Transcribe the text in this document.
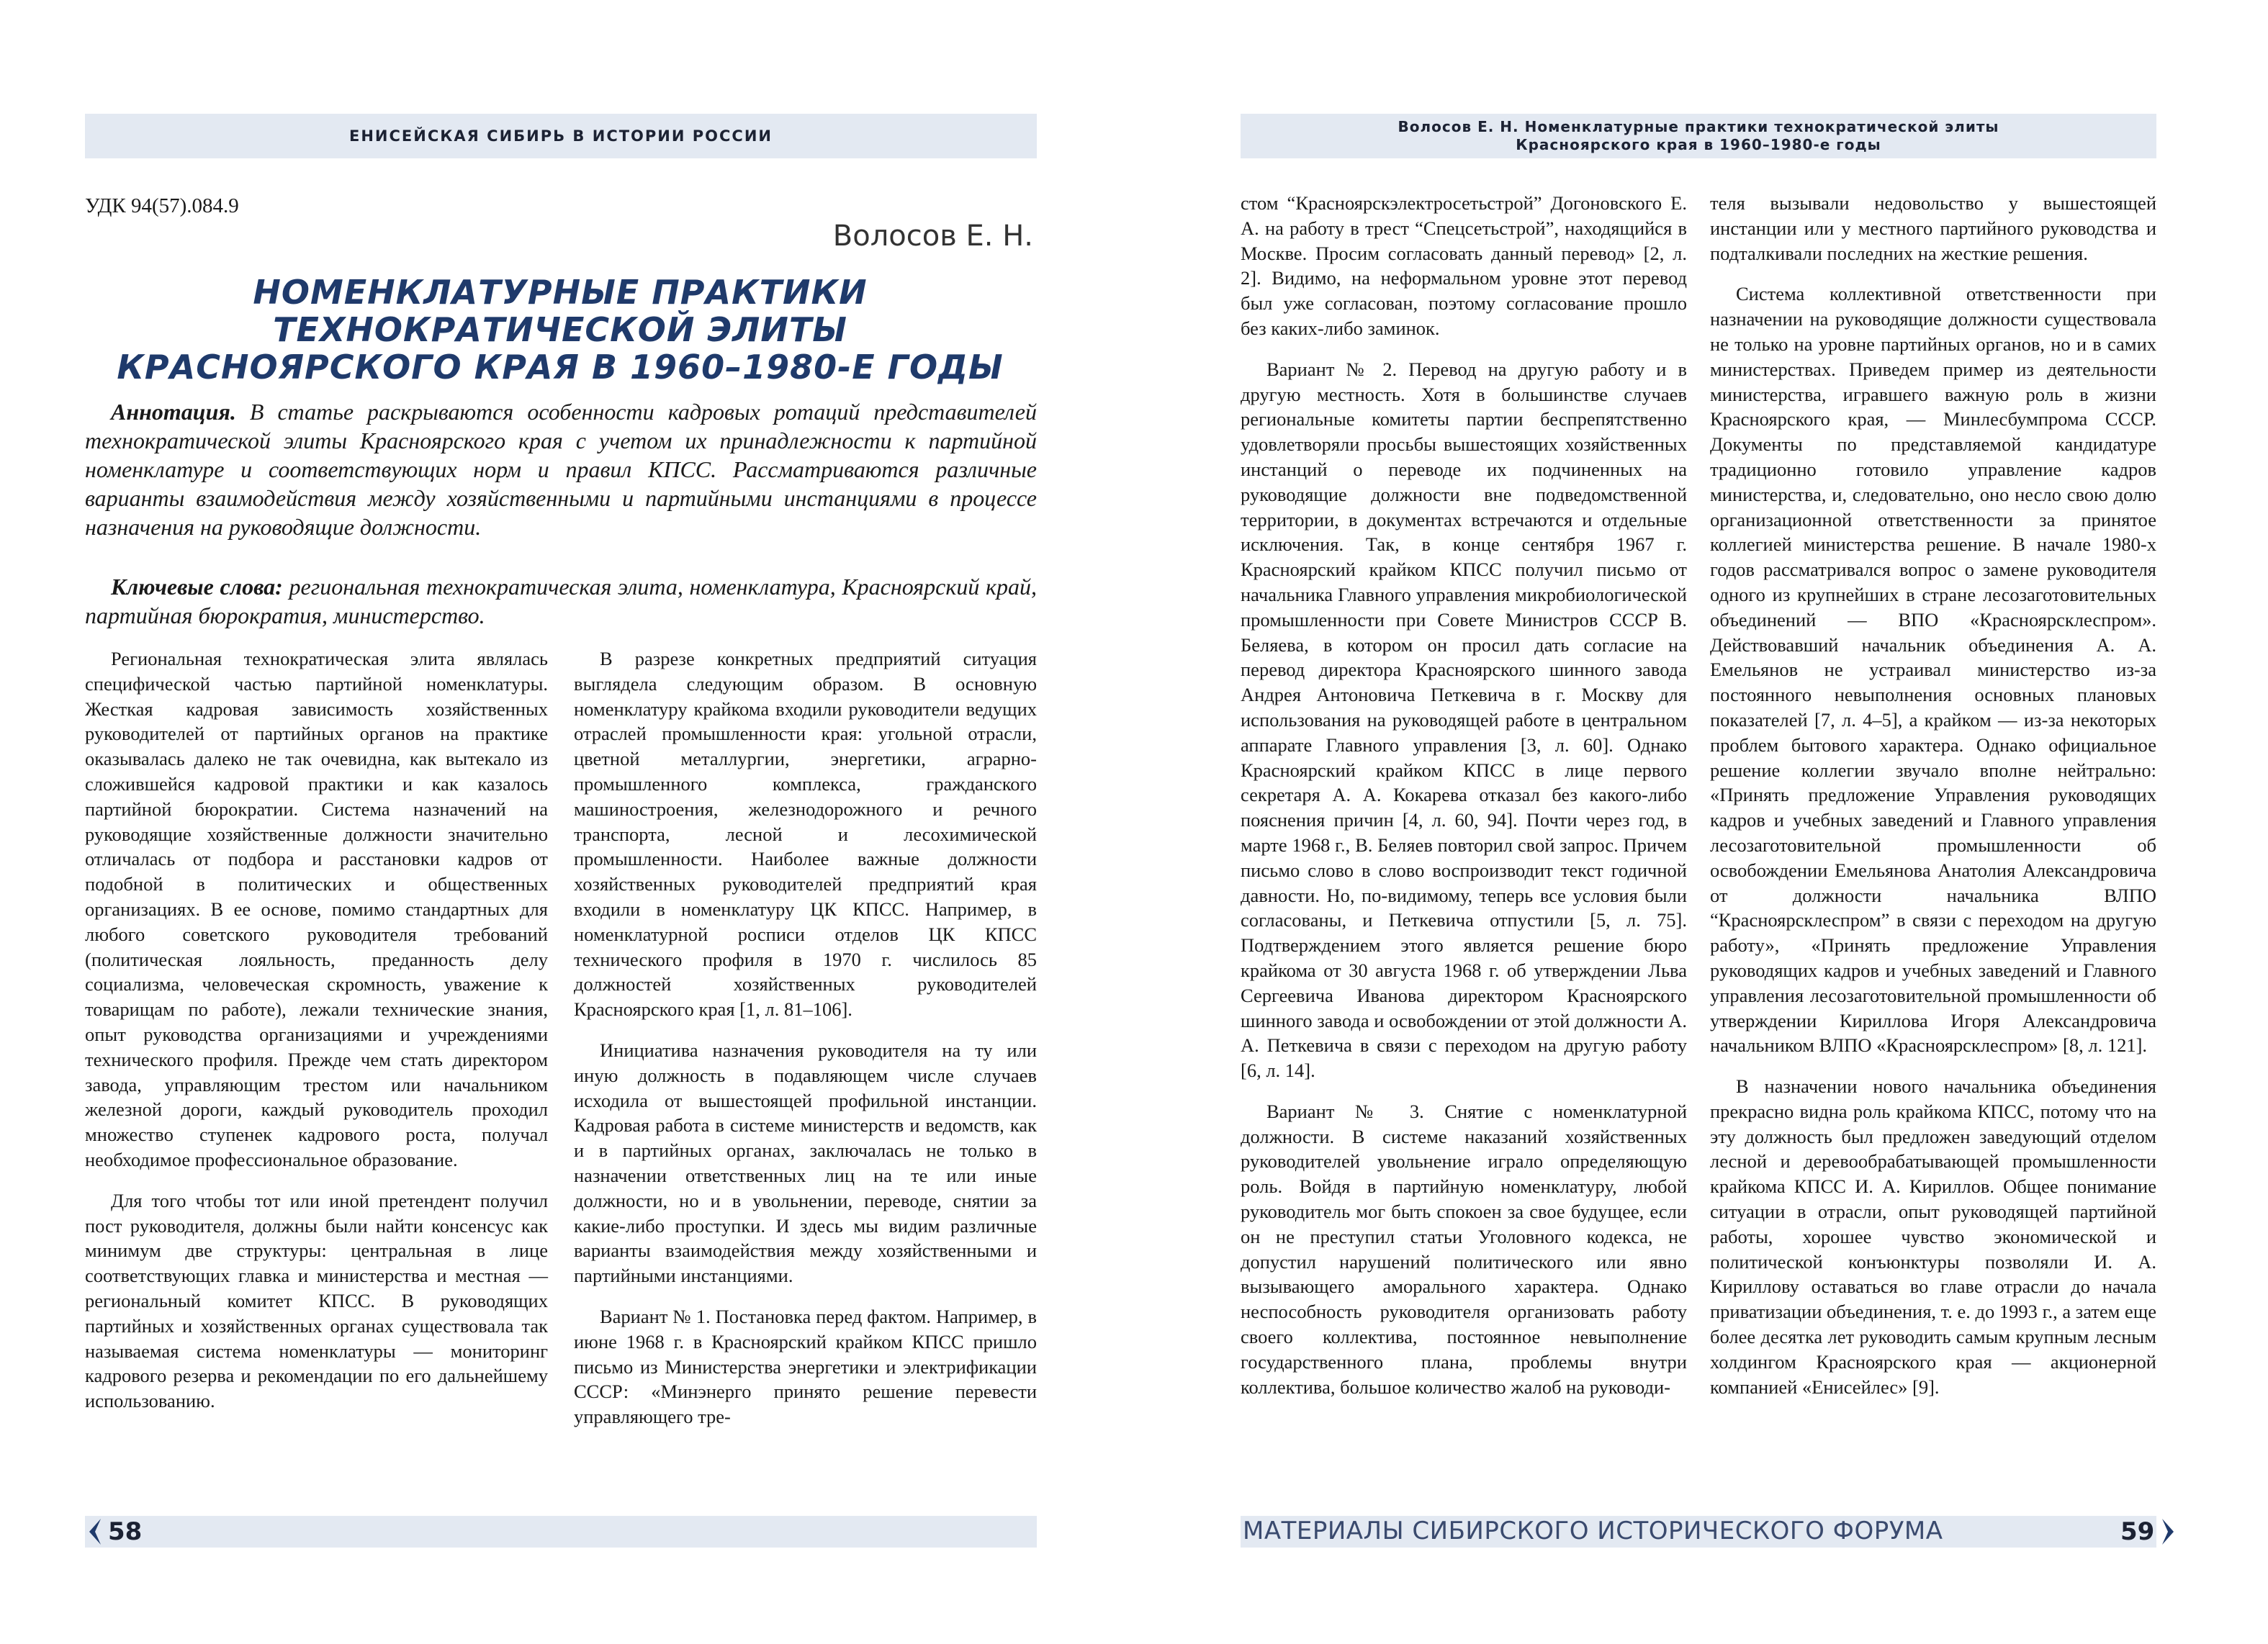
ЕНИСЕЙСКАЯ СИБИРЬ В ИСТОРИИ РОССИИ
УДК 94(57).084.9
Волосов Е. Н.
НОМЕНКЛАТУРНЫЕ ПРАКТИКИ
ТЕХНОКРАТИЧЕСКОЙ ЭЛИТЫ
КРАСНОЯРСКОГО КРАЯ В 1960–1980-Е ГОДЫ
Аннотация. В статье раскрываются особенности кадровых ротаций представителей технократической элиты Красноярского края с учетом их принадлежности к партийной номенклатуре и соответствующих норм и правил КПСС. Рассматриваются различные варианты взаимодействия между хозяйственными и партийными инстанциями в процессе назначения на руководящие должности.
Ключевые слова: региональная технократическая элита, номенклатура, Красноярский край, партийная бюрократия, министерство.

Региональная технократическая элита являлась специфической частью партийной номенклатуры. Жесткая кадровая зависимость хозяйственных руководителей от партийных органов на практике оказывалась далеко не так очевидна, как вытекало из сложившейся кадровой практики и как казалось партийной бюрократии. Система назначений на руководящие хозяйственные должности значительно отличалась от подбора и расстановки кадров от подобной в политических и общественных организациях. В ее основе, помимо стандартных для любого советского руководителя требований (политическая лояльность, преданность делу социализма, человеческая скромность, уважение к товарищам по работе), лежали технические знания, опыт руководства организациями и учреждениями технического профиля. Прежде чем стать директором завода, управляющим трестом или начальником железной дороги, каждый руководитель проходил множество ступенек кадрового роста, получал необходимое профессиональное образование.

Для того чтобы тот или иной претендент получил пост руководителя, должны были найти консенсус как минимум две структуры: центральная в лице соответствующих главка и министерства и местная — региональный комитет КПСС. В руководящих партийных и хозяйственных органах существовала так называемая система номенклатуры — мониторинг кадрового резерва и рекомендации по его дальнейшему использованию.

В разрезе конкретных предприятий ситуация выглядела следующим образом. В основную номенклатуру крайкома входили руководители ведущих отраслей промышленности края: угольной отрасли, цветной металлургии, энергетики, аграрно-промышленного комплекса, гражданского машиностроения, железнодорожного и речного транспорта, лесной и лесохимической промышленности. Наиболее важные должности хозяйственных руководителей предприятий края входили в номенклатуру ЦК КПСС. Например, в номенклатурной росписи отделов ЦК КПСС технического профиля в 1970 г. числилось 85 должностей хозяйственных руководителей Красноярского края [1, л. 81–106].

Инициатива назначения руководителя на ту или иную должность в подавляющем числе случаев исходила от вышестоящей профильной инстанции. Кадровая работа в системе министерств и ведомств, как и в партийных органах, заключалась не только в назначении ответственных лиц на те или иные должности, но и в увольнении, переводе, снятии за какие-либо проступки. И здесь мы видим различные варианты взаимодействия между хозяйственными и партийными инстанциями.

Вариант № 1. Постановка перед фактом. Например, в июне 1968 г. в Красноярский крайком КПСС пришло письмо из Министерства энергетики и электрификации СССР: «Минэнерго принято решение перевести управляющего тре-

58
Волосов Е. Н. Номенклатурные практики технократической элиты
Красноярского края в 1960–1980-е годы

стом “Красноярскэлектросетьстрой” Догоновского Е. А. на работу в трест “Спецсетьстрой”, находящийся в Москве. Просим согласовать данный перевод» [2, л. 2]. Видимо, на неформальном уровне этот перевод был уже согласован, поэтому согласование прошло без каких-либо заминок.

Вариант № 2. Перевод на другую работу и в другую местность. Хотя в большинстве случаев региональные комитеты партии беспрепятственно удовлетворяли просьбы вышестоящих хозяйственных инстанций о переводе их подчиненных на руководящие должности вне подведомственной территории, в документах встречаются и отдельные исключения. Так, в конце сентября 1967 г. Красноярский крайком КПСС получил письмо от начальника Главного управления микробиологической промышленности при Совете Министров СССР В. Беляева, в котором он просил дать согласие на перевод директора Красноярского шинного завода Андрея Антоновича Петкевича в г. Москву для использования на руководящей работе в центральном аппарате Главного управления [3, л. 60]. Однако Красноярский крайком КПСС в лице первого секретаря А. А. Кокарева отказал без какого-либо пояснения причин [4, л. 60, 94]. Почти через год, в марте 1968 г., В. Беляев повторил свой запрос. Причем письмо слово в слово воспроизводит текст годичной давности. Но, по-видимому, теперь все условия были согласованы, и Петкевича отпустили [5, л. 75]. Подтверждением этого является решение бюро крайкома от 30 августа 1968 г. об утверждении Льва Сергеевича Иванова директором Красноярского шинного завода и освобождении от этой должности А. А. Петкевича в связи с переходом на другую работу [6, л. 14].

Вариант № 3. Снятие с номенклатурной должности. В системе наказаний хозяйственных руководителей увольнение играло определяющую роль. Войдя в партийную номенклатуру, любой руководитель мог быть спокоен за свое будущее, если он не преступил статьи Уголовного кодекса, не допустил нарушений политического или явно вызывающего аморального характера. Однако неспособность руководителя организовать работу своего коллектива, постоянное невыполнение государственного плана, проблемы внутри коллектива, большое количество жалоб на руководи-

теля вызывали недовольство у вышестоящей инстанции или у местного партийного руководства и подталкивали последних на жесткие решения.

Система коллективной ответственности при назначении на руководящие должности существовала не только на уровне партийных органов, но и в самих министерствах. Приведем пример из деятельности министерства, игравшего важную роль в жизни Красноярского края, — Минлесбумпрома СССР. Документы по представляемой кандидатуре традиционно готовило управление кадров министерства, и, следовательно, оно несло свою долю организационной ответственности за принятое коллегией министерства решение. В начале 1980-х годов рассматривался вопрос о замене руководителя одного из крупнейших в стране лесозаготовительных объединений — ВПО «Красноярсклеспром». Действовавший начальник объединения А. А. Емельянов не устраивал министерство из-за постоянного невыполнения основных плановых показателей [7, л. 4–5], а крайком — из-за некоторых проблем бытового характера. Однако официальное решение коллегии звучало вполне нейтрально: «Принять предложение Управления руководящих кадров и учебных заведений и Главного управления лесозаготовительной промышленности об освобождении Емельянова Анатолия Александровича от должности начальника ВЛПО “Красноярсклеспром” в связи с переходом на другую работу», «Принять предложение Управления руководящих кадров и учебных заведений и Главного управления лесозаготовительной промышленности об утверждении Кириллова Игоря Александровича начальником ВЛПО «Красноярсклеспром» [8, л. 121].

В назначении нового начальника объединения прекрасно видна роль крайкома КПСС, потому что на эту должность был предложен заведующий отделом лесной и деревообрабатывающей промышленности крайкома КПСС И. А. Кириллов. Общее понимание ситуации в отрасли, опыт руководящей партийной работы, хорошее чувство экономической и политической конъюнктуры позволяли И. А. Кириллову оставаться во главе отрасли до начала приватизации объединения, т. е. до 1993 г., а затем еще более десятка лет руководить самым крупным лесным холдингом Красноярского края — акционерной компанией «Енисейлес» [9].

МАТЕРИАЛЫ СИБИРСКОГО ИСТОРИЧЕСКОГО ФОРУМА	59
